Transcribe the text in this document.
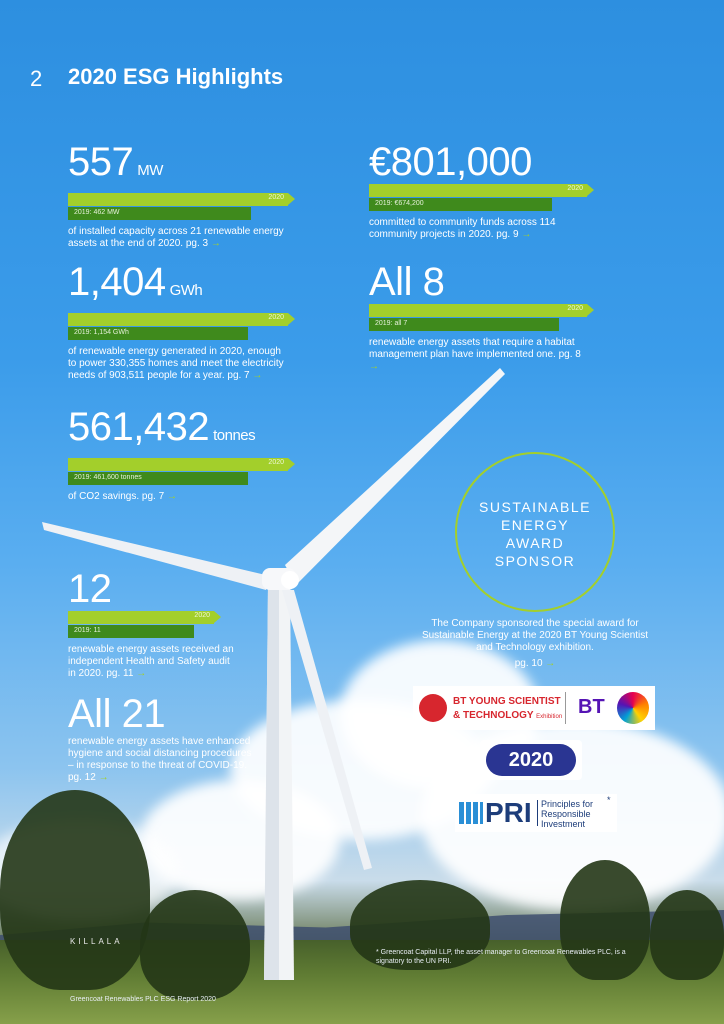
2 2020 ESG Highlights
557 MW
2020
2019: 462 MW
of installed capacity across 21 renewable energy assets at the end of 2020. pg. 3 →
€801,000
2020
2019: €674,200
committed to community funds across 114 community projects in 2020. pg. 9 →
1,404 GWh
2020
2019: 1,154 GWh
of renewable energy generated in 2020, enough to power 330,355 homes and meet the electricity needs of 903,511 people for a year. pg. 7 →
All 8
2020
2019: all 7
renewable energy assets that require a habitat management plan have implemented one. pg. 8 →
561,432 tonnes
2020
2019: 461,600 tonnes
of CO2 savings. pg. 7 →
12
2020
2019: 11
renewable energy assets received an independent Health and Safety audit in 2020. pg. 11 →
All 21
renewable energy assets have enhanced hygiene and social distancing procedures – in response to the threat of COVID-19. pg. 12 →
SUSTAINABLE
ENERGY
AWARD
SPONSOR
The Company sponsored the special award for Sustainable Energy at the 2020 BT Young Scientist and Technology exhibition.
pg. 10 →
BT YOUNG SCIENTIST
& TECHNOLOGY Exhibition BT
2020
PRI Principles for
Responsible
Investment
*
KILLALA
* Greencoat Capital LLP, the asset manager to Greencoat Renewables PLC, is a signatory to the UN PRI.
Greencoat Renewables PLC ESG Report 2020
